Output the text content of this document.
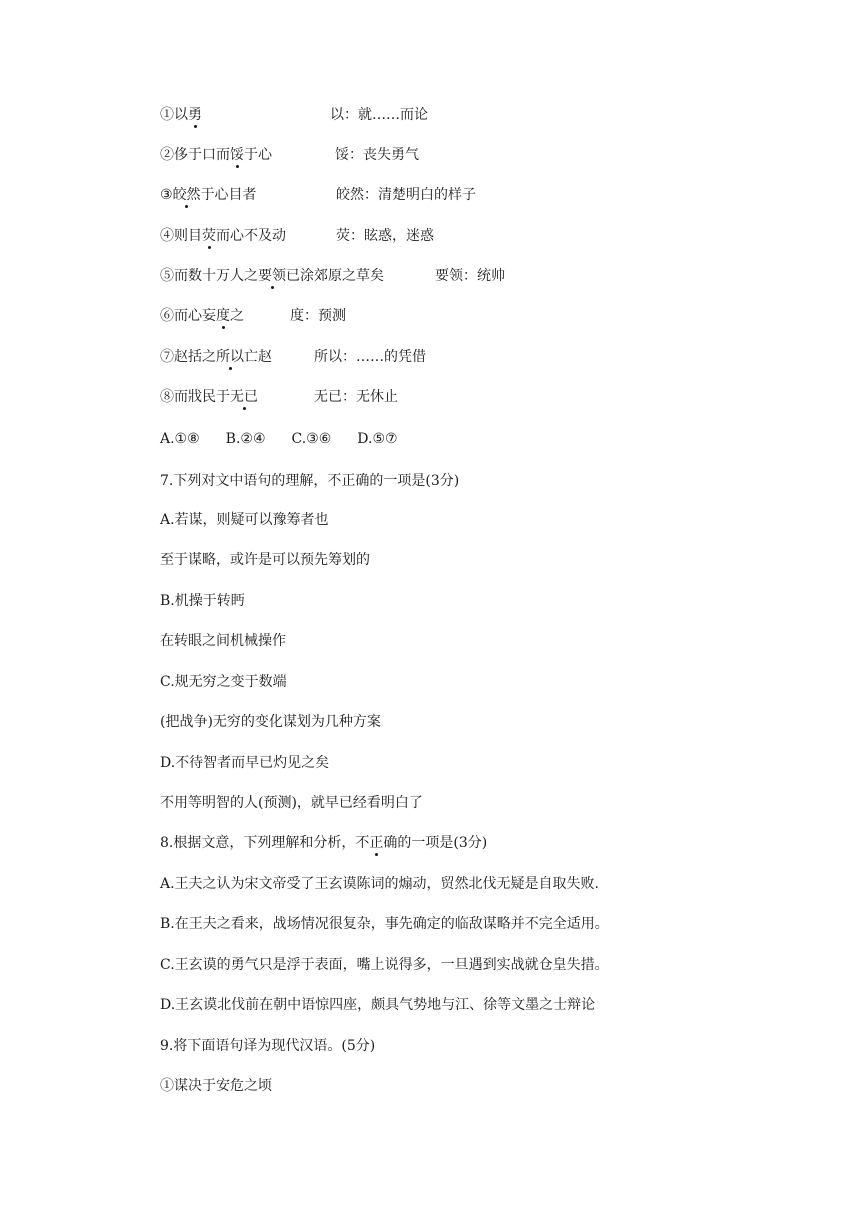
①以勇	以：就……而论
②侈于口而馁于心	馁：丧失勇气
③皎然于心目者	皎然：清楚明白的样子
④则目荧而心不及动	荧：眩惑，迷惑
⑤而数十万人之要领已涂郊原之草矣	要领：统帅
⑥而心妄度之	度：预测
⑦赵括之所以亡赵	所以：……的凭借
⑧而戕民于无已	无已：无休止
A.①⑧ B.②④ C.③⑥ D.⑤⑦
7.下列对文中语句的理解，不正确的一项是(3分)
A.若谋，则疑可以豫筹者也
至于谋略，或许是可以预先筹划的
B.机操于转眄
在转眼之间机械操作
C.规无穷之变于数端
(把战争)无穷的变化谋划为几种方案
D.不待智者而早已灼见之矣
不用等明智的人(预测)，就早已经看明白了
8.根据文意，下列理解和分析，不正确的一项是(3分)
A.王夫之认为宋文帝受了王玄谟陈词的煽动，贸然北伐无疑是自取失败.
B.在王夫之看来，战场情况很复杂，事先确定的临敌谋略并不完全适用。
C.王玄谟的勇气只是浮于表面，嘴上说得多，一旦遇到实战就仓皇失措。
D.王玄谟北伐前在朝中语惊四座，颇具气势地与江、徐等文墨之士辩论
9.将下面语句译为现代汉语。(5分)
①谋决于安危之顷
